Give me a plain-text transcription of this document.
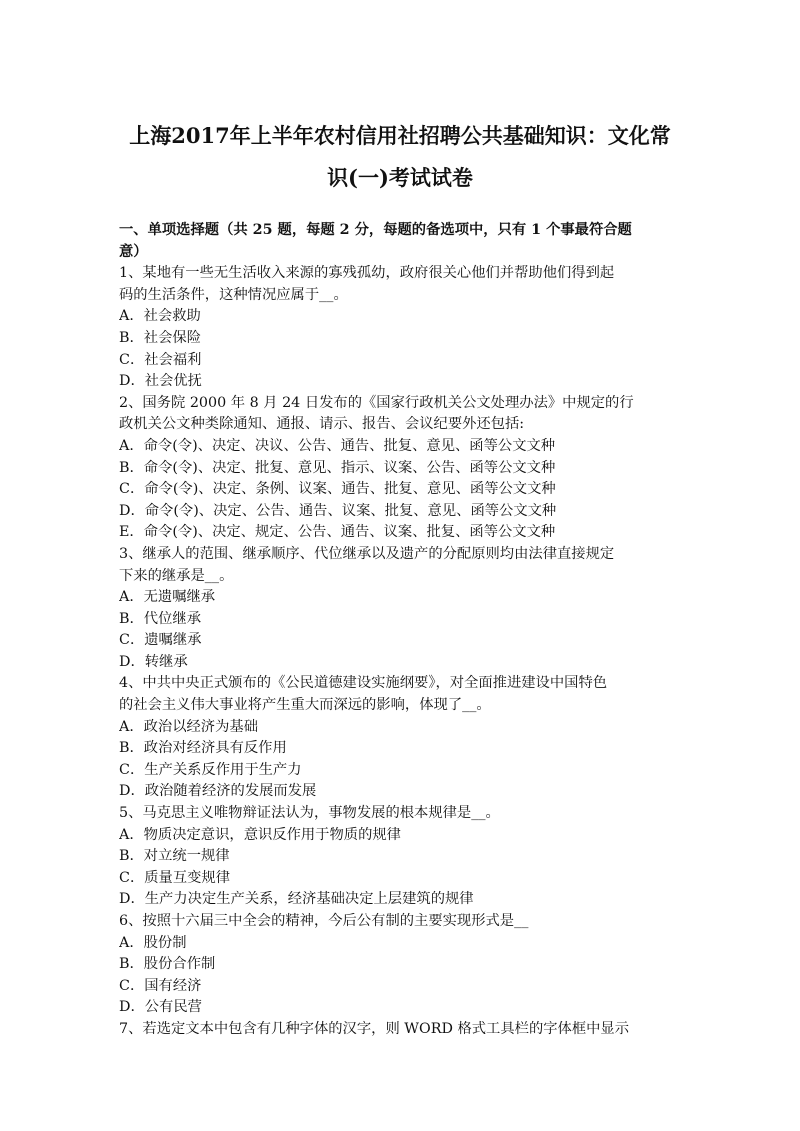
上海2017年上半年农村信用社招聘公共基础知识：文化常
识(一)考试试卷
一、单项选择题（共 25 题，每题 2 分，每题的备选项中，只有 1 个事最符合题
意）
1、某地有一些无生活收入来源的寡残孤幼，政府很关心他们并帮助他们得到起
码的生活条件，这种情况应属于__。
A．社会救助
B．社会保险
C．社会福利
D．社会优抚
2、国务院 2000 年 8 月 24 日发布的《国家行政机关公文处理办法》中规定的行
政机关公文种类除通知、通报、请示、报告、会议纪要外还包括:
A．命令(令)、决定、决议、公告、通告、批复、意见、函等公文文种
B．命令(令)、决定、批复、意见、指示、议案、公告、函等公文文种
C．命令(令)、决定、条例、议案、通告、批复、意见、函等公文文种
D．命令(令)、决定、公告、通告、议案、批复、意见、函等公文文种
E．命令(令)、决定、规定、公告、通告、议案、批复、函等公文文种
3、继承人的范围、继承顺序、代位继承以及遗产的分配原则均由法律直接规定
下来的继承是__。
A．无遗嘱继承
B．代位继承
C．遗嘱继承
D．转继承
4、中共中央正式颁布的《公民道德建设实施纲要》，对全面推进建设中国特色
的社会主义伟大事业将产生重大而深远的影响，体现了__。
A．政治以经济为基础
B．政治对经济具有反作用
C．生产关系反作用于生产力
D．政治随着经济的发展而发展
5、马克思主义唯物辩证法认为，事物发展的根本规律是__。
A．物质决定意识，意识反作用于物质的规律
B．对立统一规律
C．质量互变规律
D．生产力决定生产关系，经济基础决定上层建筑的规律
6、按照十六届三中全会的精神，今后公有制的主要实现形式是__
A．股份制
B．股份合作制
C．国有经济
D．公有民营
7、若选定文本中包含有几种字体的汉字，则 WORD 格式工具栏的字体框中显示
